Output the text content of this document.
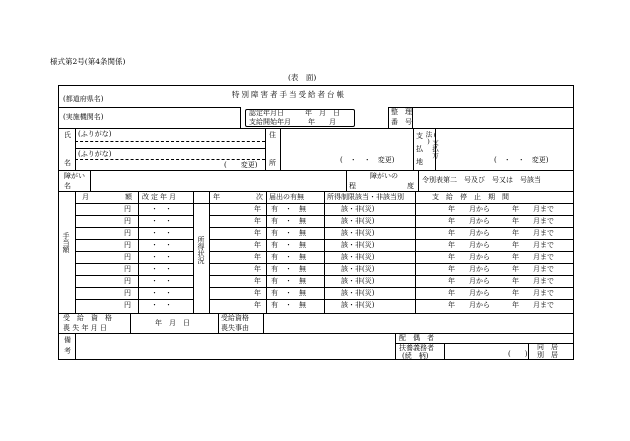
様式第2号(第4条関係)
(表　面)
(都道府県名)	特別障害者手当受給者台帳
(実施機関名)	認定年月日	年　月　日
支給開始年月 年　　月
整　理
番　号
氏
名
(ふりがな)
(ふりがな)
(　　変更)
住
所	(　・　・　変更)
支
払
地
(支払方法)
(　・　・　変更)
障がい
名
障がいの
程	度
令別表第二　号及び　号又は　号該当
手当額	所得状況
月	額 改定年月	年	次 届出の有無	所得制限該当・非該当別	支　給　停　止　期　間
円	・　・	年 有　・　無	該・非(災)	年　　月から	年　　月まで
円	・　・	年 有　・　無	該・非(災)	年　　月から	年　　月まで
円	・　・	年 有　・　無	該・非(災)	年　　月から	年　　月まで
円	・　・	年 有　・　無	該・非(災)	年　　月から	年　　月まで
円	・　・	年 有　・　無	該・非(災)	年　　月から	年　　月まで
円	・　・	年 有　・　無	該・非(災)	年　　月から	年　　月まで
円	・　・	年 有　・　無	該・非(災)	年　　月から	年　　月まで
円	・　・	年 有　・　無	該・非(災)	年　　月から	年　　月まで
円	・　・	年 有　・　無	該・非(災)	年　　月から	年　　月まで
受　給　資　格
喪 失 年 月 日
年　月　日
受給資格
喪失事由
備
考
配　偶　者
扶養義務者
(続　柄)	(　　)
同　居
別　居
